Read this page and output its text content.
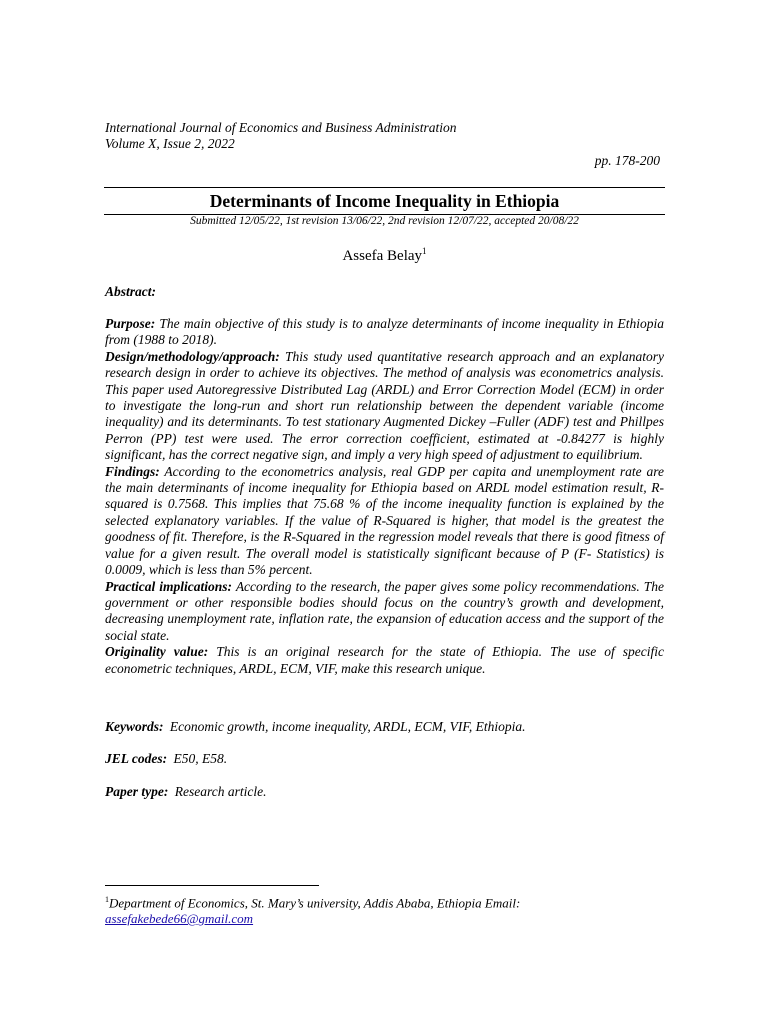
International Journal of Economics and Business Administration
Volume X, Issue 2, 2022
pp. 178-200
Determinants of Income Inequality in Ethiopia
Submitted 12/05/22, 1st revision 13/06/22, 2nd revision 12/07/22, accepted 20/08/22
Assefa Belay$^1$
Abstract:

Purpose: The main objective of this study is to analyze determinants of income inequality in Ethiopia from (1988 to 2018).

Design/methodology/approach: This study used quantitative research approach and an explanatory research design in order to achieve its objectives. The method of analysis was econometrics analysis. This paper used Autoregressive Distributed Lag (ARDL) and Error Correction Model (ECM) in order to investigate the long-run and short run relationship between the dependent variable (income inequality) and its determinants. To test stationary Augmented Dickey –Fuller (ADF) test and Phillpes Perron (PP) test were used. The error correction coefficient, estimated at -0.84277 is highly significant, has the correct negative sign, and imply a very high speed of adjustment to equilibrium.

Findings: According to the econometrics analysis, real GDP per capita and unemployment rate are the main determinants of income inequality for Ethiopia based on ARDL model estimation result, R-squared is 0.7568. This implies that 75.68 % of the income inequality function is explained by the selected explanatory variables. If the value of R-Squared is higher, that model is the greatest the goodness of fit. Therefore, is the R-Squared in the regression model reveals that there is good fitness of value for a given result. The overall model is statistically significant because of P (F- Statistics) is 0.0009, which is less than 5% percent.

Practical implications: According to the research, the paper gives some policy recommendations. The government or other responsible bodies should focus on the country’s growth and development, decreasing unemployment rate, inflation rate, the expansion of education access and the support of the social state.

Originality value: This is an original research for the state of Ethiopia. The use of specific econometric techniques, ARDL, ECM, VIF, make this research unique.

Keywords: Economic growth, income inequality, ARDL, ECM, VIF, Ethiopia.
JEL codes: E50, E58.
Paper type: Research article.
$^1$Department of Economics, St. Mary’s university, Addis Ababa, Ethiopia Email:
assefakebede66@gmail.com
